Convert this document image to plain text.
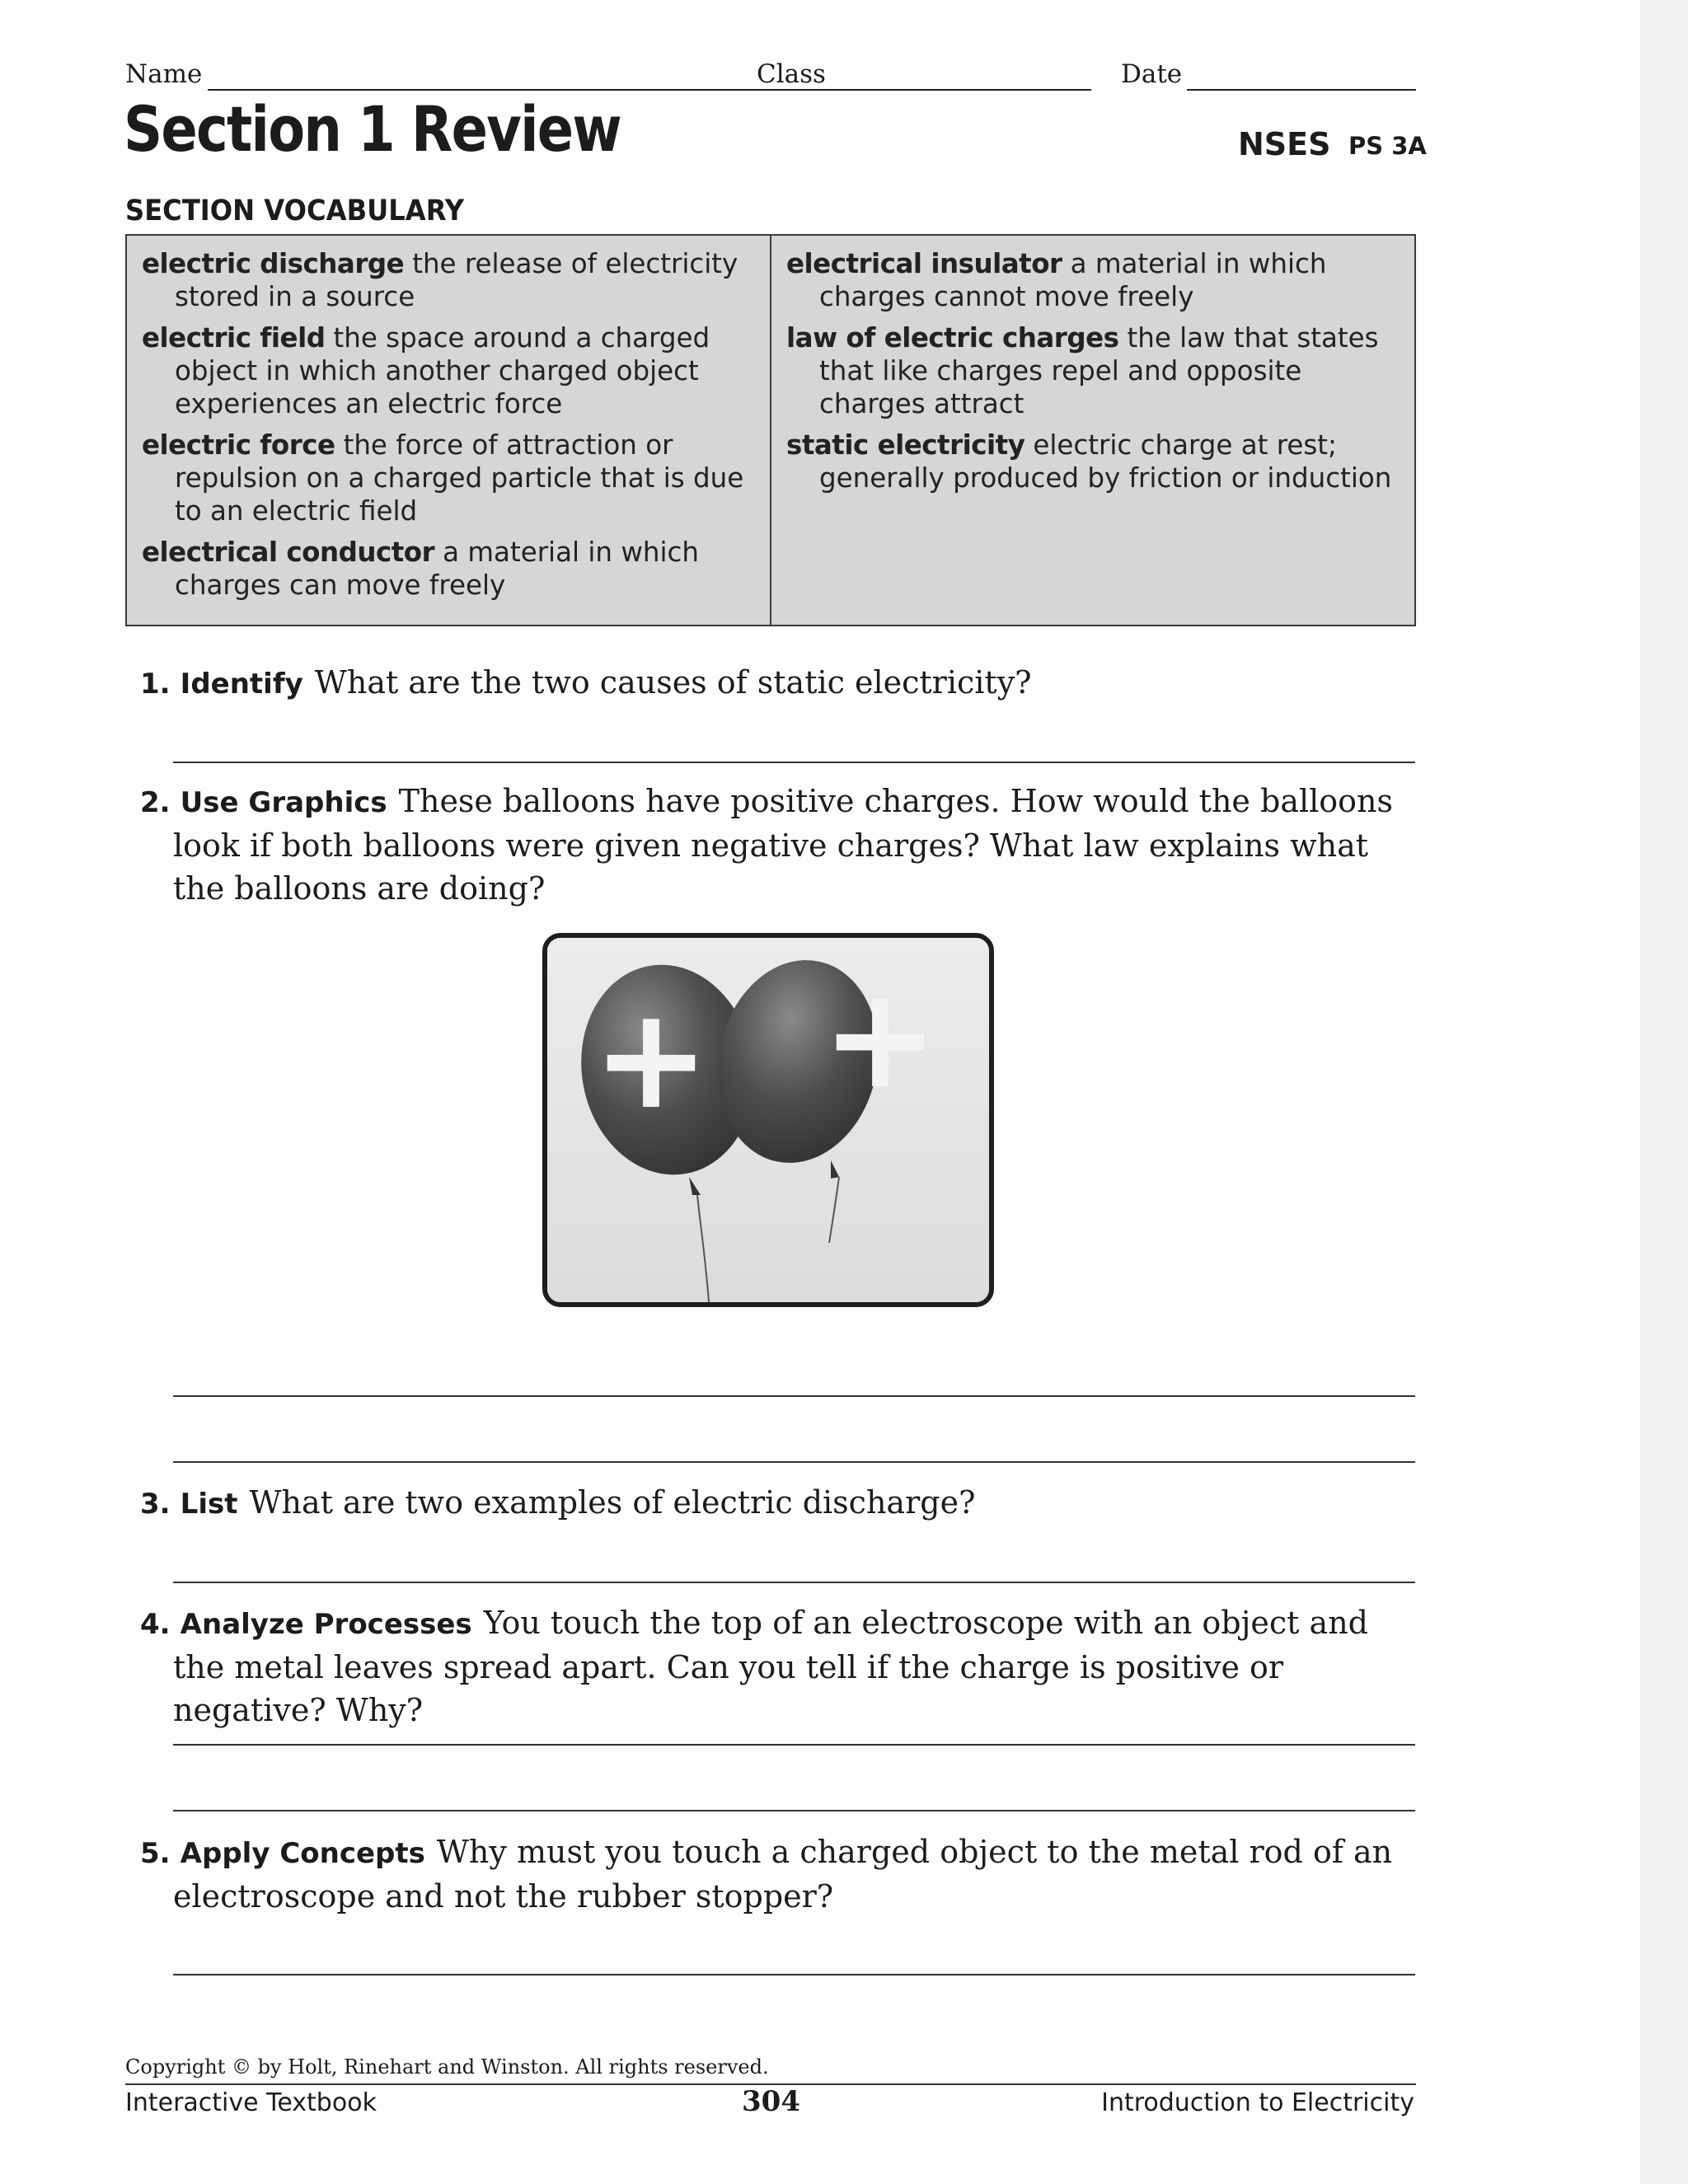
Name	Class	Date
Section 1 Review	NSES PS 3A
SECTION VOCABULARY
electric discharge the release of electricity stored in a source
electric field the space around a charged object in which another charged object experiences an electric force
electric force the force of attraction or repulsion on a charged particle that is due to an electric field
electrical conductor a material in which charges can move freely
electrical insulator a material in which charges cannot move freely
law of electric charges the law that states that like charges repel and opposite charges attract
static electricity electric charge at rest; generally produced by friction or induction
1. Identify What are the two causes of static electricity?
2. Use Graphics These balloons have positive charges. How would the balloons look if both balloons were given negative charges? What law explains what the balloons are doing?
+ +
3. List What are two examples of electric discharge?
4. Analyze Processes You touch the top of an electroscope with an object and the metal leaves spread apart. Can you tell if the charge is positive or negative? Why?
5. Apply Concepts Why must you touch a charged object to the metal rod of an electroscope and not the rubber stopper?
Copyright © by Holt, Rinehart and Winston. All rights reserved.
Interactive Textbook	304	Introduction to Electricity
